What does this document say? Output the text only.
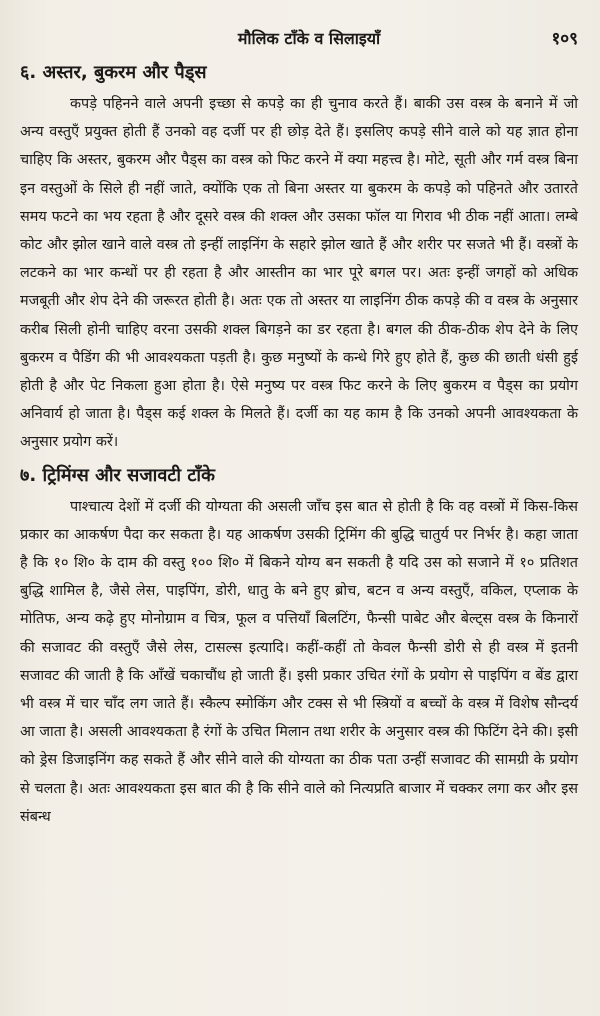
मौलिक टाँके व सिलाइयाँ	१०९
६. अस्तर, बुकरम और पैड्स

कपड़े पहिनने वाले अपनी इच्छा से कपड़े का ही चुनाव करते हैं। बाकी उस वस्त्र के बनाने में जो अन्य वस्तुएँ प्रयुक्त होती हैं उनको वह दर्जी पर ही छोड़ देते हैं। इसलिए कपड़े सीने वाले को यह ज्ञात होना चाहिए कि अस्तर, बुकरम और पैड्स का वस्त्र को फिट करने में क्या महत्त्व है। मोटे, सूती और गर्म वस्त्र बिना इन वस्तुओं के सिले ही नहीं जाते, क्योंकि एक तो बिना अस्तर या बुकरम के कपड़े को पहिनते और उतारते समय फटने का भय रहता है और दूसरे वस्त्र की शक्ल और उसका फॉल या गिराव भी ठीक नहीं आता। लम्बे कोट और झोल खाने वाले वस्त्र तो इन्हीं लाइनिंग के सहारे झोल खाते हैं और शरीर पर सजते भी हैं। वस्त्रों के लटकने का भार कन्धों पर ही रहता है और आस्तीन का भार पूरे बगल पर। अतः इन्हीं जगहों को अधिक मजबूती और शेप देने की जरूरत होती है। अतः एक तो अस्तर या लाइनिंग ठीक कपड़े की व वस्त्र के अनुसार करीब सिली होनी चाहिए वरना उसकी शक्ल बिगड़ने का डर रहता है। बगल की ठीक-ठीक शेप देने के लिए बुकरम व पैडिंग की भी आवश्यकता पड़ती है। कुछ मनुष्यों के कन्धे गिरे हुए होते हैं, कुछ की छाती धंसी हुई होती है और पेट निकला हुआ होता है। ऐसे मनुष्य पर वस्त्र फिट करने के लिए बुकरम व पैड्स का प्रयोग अनिवार्य हो जाता है। पैड्स कई शक्ल के मिलते हैं। दर्जी का यह काम है कि उनको अपनी आवश्यकता के अनुसार प्रयोग करें।

७. ट्रिमिंग्स और सजावटी टाँके

पाश्चात्य देशों में दर्जी की योग्यता की असली जाँच इस बात से होती है कि वह वस्त्रों में किस-किस प्रकार का आकर्षण पैदा कर सकता है। यह आकर्षण उसकी ट्रिमिंग की बुद्धि चातुर्य पर निर्भर है। कहा जाता है कि १० शि० के दाम की वस्तु १०० शि० में बिकने योग्य बन सकती है यदि उस को सजाने में १० प्रतिशत बुद्धि शामिल है, जैसे लेस, पाइपिंग, डोरी, धातु के बने हुए ब्रोच, बटन व अन्य वस्तुएँ, वकिल, एप्लाक के मोतिफ, अन्य कढ़े हुए मोनोग्राम व चित्र, फूल व पत्तियाँ बिलटिंग, फैन्सी पाबेट और बेल्ट्स वस्त्र के किनारों की सजावट की वस्तुएँ जैसे लेस, टासल्स इत्यादि। कहीं-कहीं तो केवल फैन्सी डोरी से ही वस्त्र में इतनी सजावट की जाती है कि आँखें चकाचौंध हो जाती हैं। इसी प्रकार उचित रंगों के प्रयोग से पाइपिंग व बेंड द्वारा भी वस्त्र में चार चाँद लग जाते हैं। स्कैल्प स्मोकिंग और टक्स से भी स्त्रियों व बच्चों के वस्त्र में विशेष सौन्दर्य आ जाता है। असली आवश्यकता है रंगों के उचित मिलान तथा शरीर के अनुसार वस्त्र की फिटिंग देने की। इसी को ड्रेस डिजाइनिंग कह सकते हैं और सीने वाले की योग्यता का ठीक पता उन्हीं सजावट की सामग्री के प्रयोग से चलता है। अतः आवश्यकता इस बात की है कि सीने वाले को नित्यप्रति बाजार में चक्कर लगा कर और इस संबन्ध
